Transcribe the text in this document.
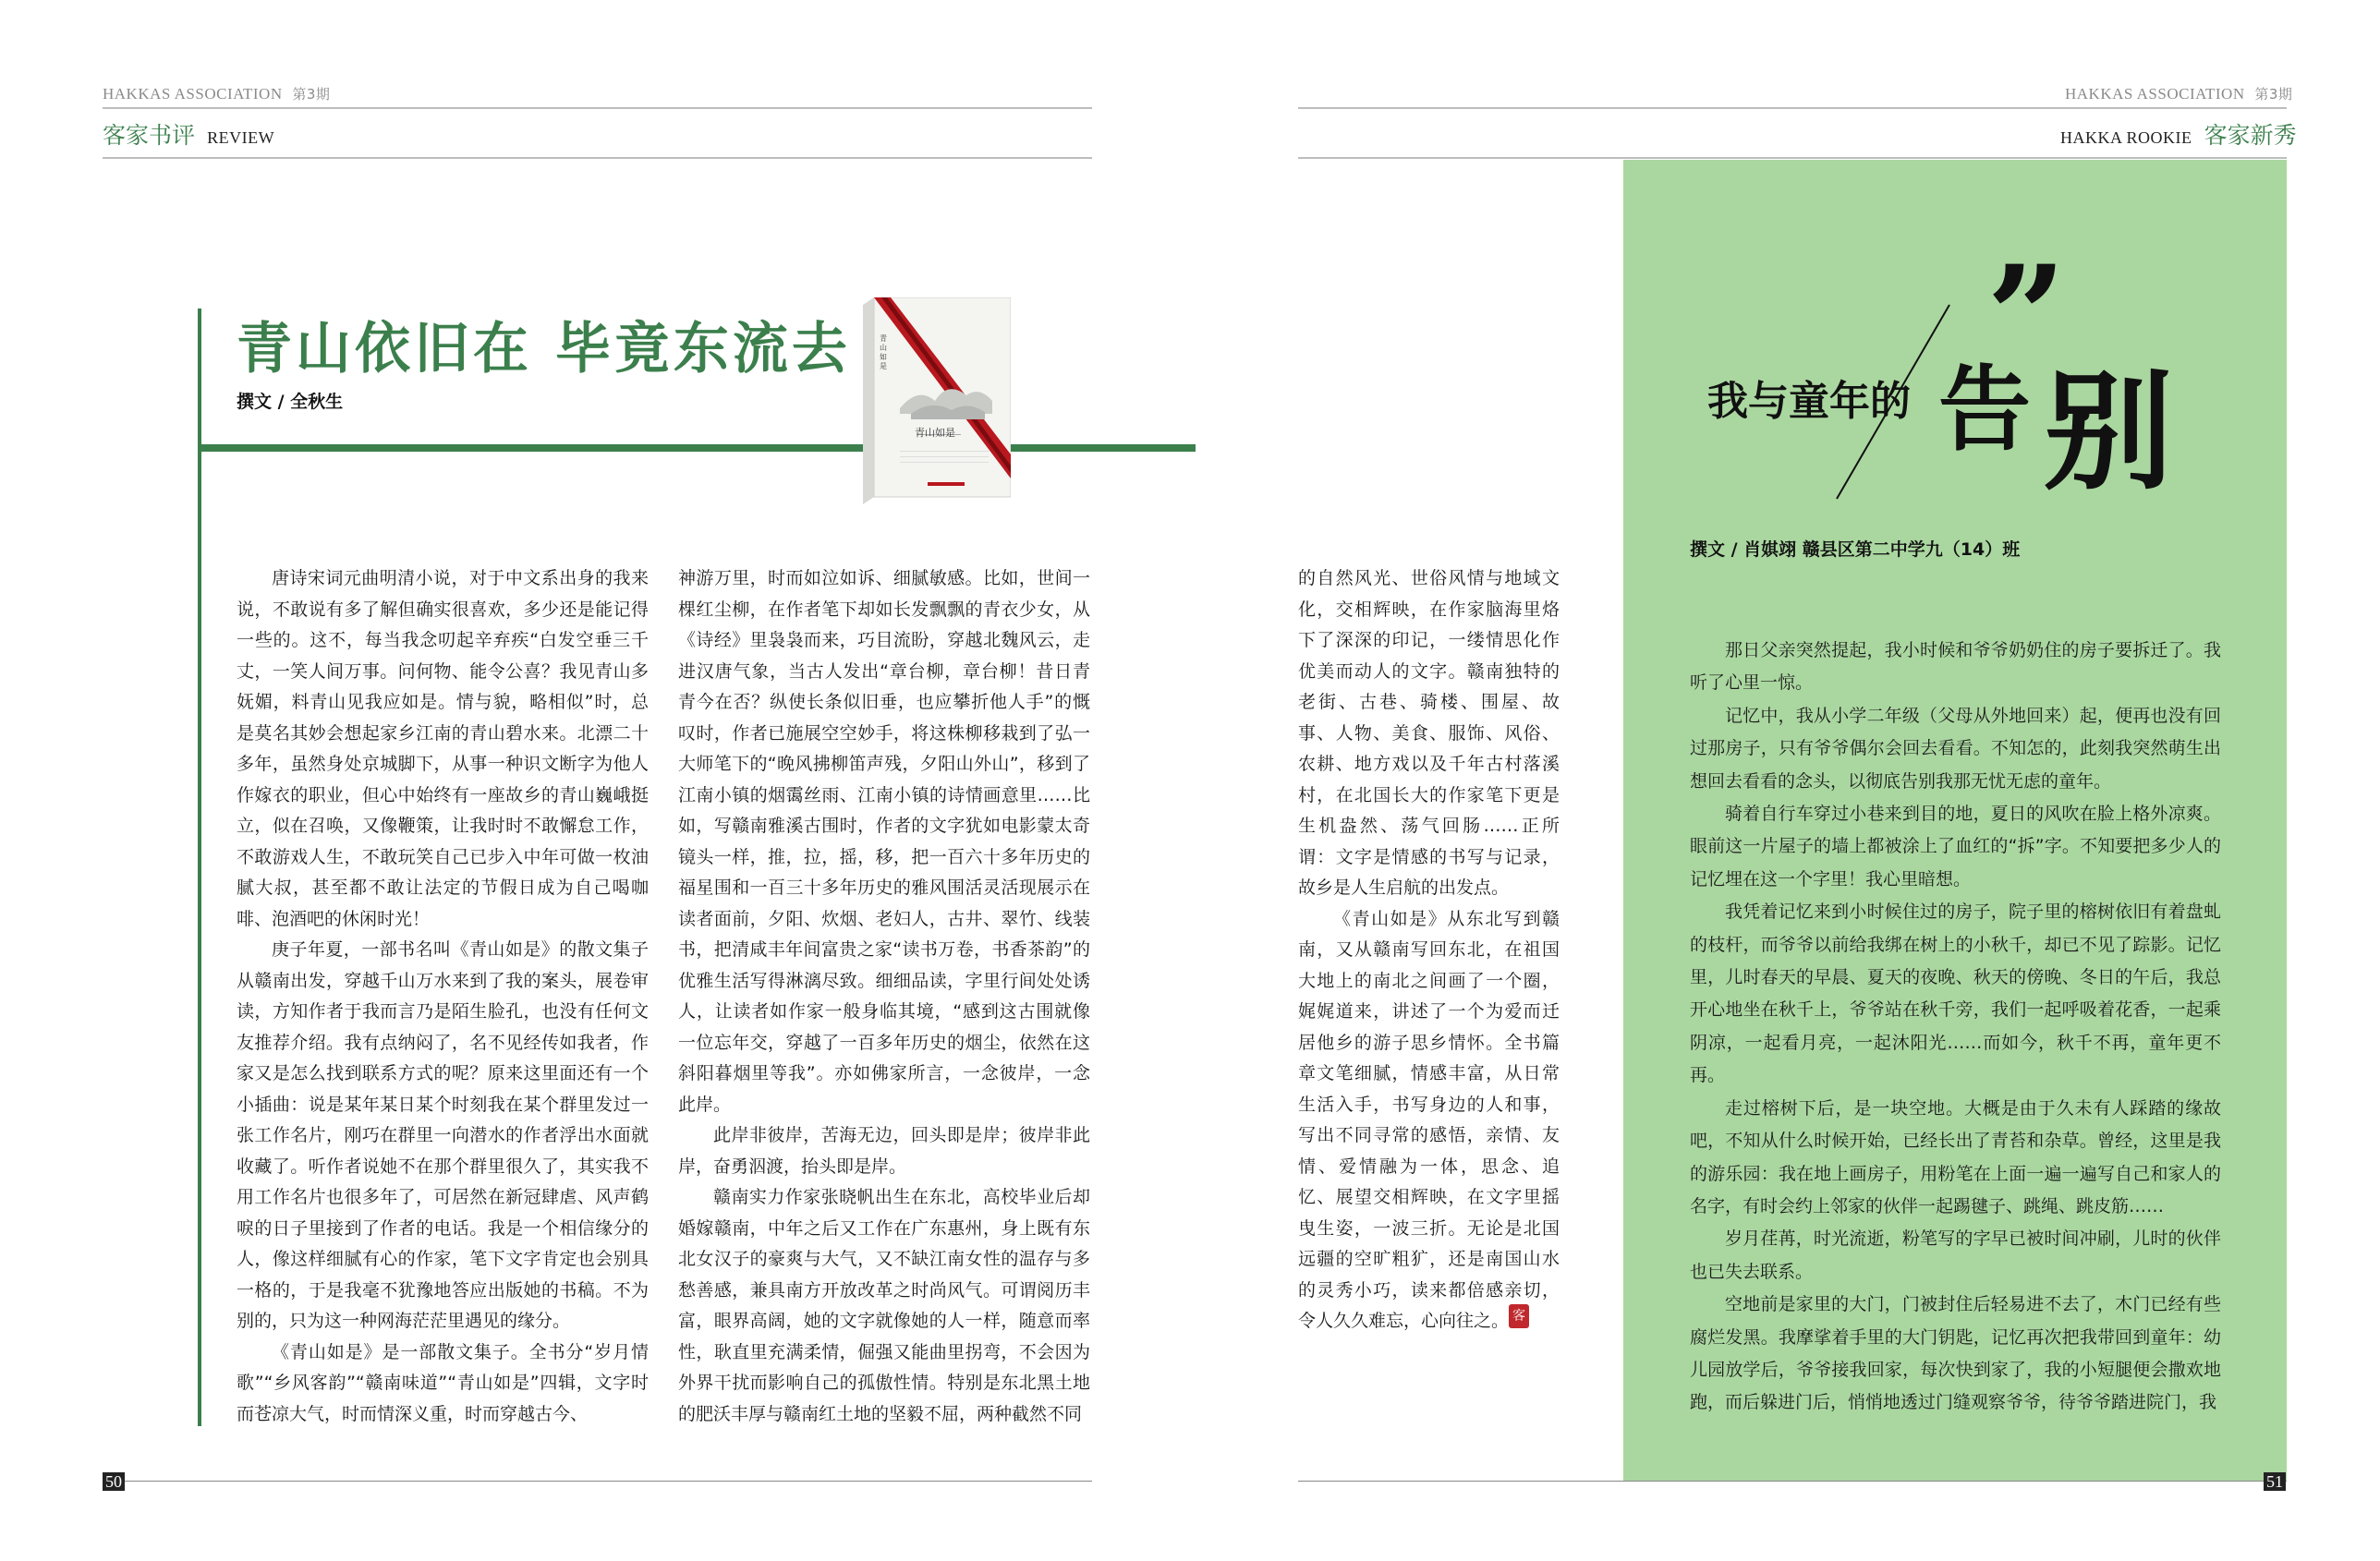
HAKKAS ASSOCIATION 第3期
客家书评 REVIEW
青山依旧在 毕竟东流去
撰文 / 全秋生
青山如是
青山如是

唐诗宋词元曲明清小说，对于中文系出身的我来说，不敢说有多了解但确实很喜欢，多少还是能记得一些的。这不，每当我念叨起辛弃疾“白发空垂三千丈，一笑人间万事。问何物、能令公喜？我见青山多妩媚，料青山见我应如是。情与貌，略相似”时，总是莫名其妙会想起家乡江南的青山碧水来。北漂二十多年，虽然身处京城脚下，从事一种识文断字为他人作嫁衣的职业，但心中始终有一座故乡的青山巍峨挺立，似在召唤，又像鞭策，让我时时不敢懈怠工作，不敢游戏人生，不敢玩笑自己已步入中年可做一枚油腻大叔，甚至都不敢让法定的节假日成为自己喝咖啡、泡酒吧的休闲时光！

庚子年夏，一部书名叫《青山如是》的散文集子从赣南出发，穿越千山万水来到了我的案头，展卷审读，方知作者于我而言乃是陌生脸孔，也没有任何文友推荐介绍。我有点纳闷了，名不见经传如我者，作家又是怎么找到联系方式的呢？原来这里面还有一个小插曲：说是某年某日某个时刻我在某个群里发过一张工作名片，刚巧在群里一向潜水的作者浮出水面就收藏了。听作者说她不在那个群里很久了，其实我不用工作名片也很多年了，可居然在新冠肆虐、风声鹤唳的日子里接到了作者的电话。我是一个相信缘分的人，像这样细腻有心的作家，笔下文字肯定也会别具一格的，于是我毫不犹豫地答应出版她的书稿。不为别的，只为这一种网海茫茫里遇见的缘分。

《青山如是》是一部散文集子。全书分“岁月情歌”“乡风客韵”“赣南味道”“青山如是”四辑，文字时而苍凉大气，时而情深义重，时而穿越古今、

神游万里，时而如泣如诉、细腻敏感。比如，世间一棵红尘柳，在作者笔下却如长发飘飘的青衣少女，从《诗经》里袅袅而来，巧目流盼，穿越北魏风云，走进汉唐气象，当古人发出“章台柳，章台柳！昔日青青今在否？纵使长条似旧垂，也应攀折他人手”的慨叹时，作者已施展空空妙手，将这株柳移栽到了弘一大师笔下的“晚风拂柳笛声残，夕阳山外山”，移到了江南小镇的烟霭丝雨、江南小镇的诗情画意里……比如，写赣南雅溪古围时，作者的文字犹如电影蒙太奇镜头一样，推，拉，摇，移，把一百六十多年历史的福星围和一百三十多年历史的雅风围活灵活现展示在读者面前，夕阳、炊烟、老妇人，古井、翠竹、线装书，把清咸丰年间富贵之家“读书万卷，书香茶韵”的优雅生活写得淋漓尽致。细细品读，字里行间处处诱人，让读者如作家一般身临其境，“感到这古围就像一位忘年交，穿越了一百多年历史的烟尘，依然在这斜阳暮烟里等我”。亦如佛家所言，一念彼岸，一念此岸。

此岸非彼岸，苦海无边，回头即是岸；彼岸非此岸，奋勇泅渡，抬头即是岸。

赣南实力作家张晓帆出生在东北，高校毕业后却婚嫁赣南，中年之后又工作在广东惠州，身上既有东北女汉子的豪爽与大气，又不缺江南女性的温存与多愁善感，兼具南方开放改革之时尚风气。可谓阅历丰富，眼界高阔，她的文字就像她的人一样，随意而率性，耿直里充满柔情，倔强又能曲里拐弯，不会因为外界干扰而影响自己的孤傲性情。特别是东北黑土地的肥沃丰厚与赣南红土地的坚毅不屈，两种截然不同

50
HAKKAS ASSOCIATION 第3期
HAKKA ROOKIE 客家新秀

的自然风光、世俗风情与地域文化，交相辉映，在作家脑海里烙下了深深的印记，一缕情思化作优美而动人的文字。赣南独特的老街、古巷、骑楼、围屋、故事、人物、美食、服饰、风俗、农耕、地方戏以及千年古村落溪村，在北国长大的作家笔下更是生机盎然、荡气回肠……正所谓：文字是情感的书写与记录，故乡是人生启航的出发点。

《青山如是》从东北写到赣南，又从赣南写回东北，在祖国大地上的南北之间画了一个圈，娓娓道来，讲述了一个为爱而迁居他乡的游子思乡情怀。全书篇章文笔细腻，情感丰富，从日常生活入手，书写身边的人和事，写出不同寻常的感悟，亲情、友情、爱情融为一体，思念、追忆、展望交相辉映，在文字里摇曳生姿，一波三折。无论是北国远疆的空旷粗犷，还是南国山水的灵秀小巧，读来都倍感亲切，令人久久难忘，心向往之。 客
我与童年的
”
告 别
撰文 / 肖娸翊 赣县区第二中学九（14）班

那日父亲突然提起，我小时候和爷爷奶奶住的房子要拆迁了。我听了心里一惊。

记忆中，我从小学二年级（父母从外地回来）起，便再也没有回过那房子，只有爷爷偶尔会回去看看。不知怎的，此刻我突然萌生出想回去看看的念头，以彻底告别我那无忧无虑的童年。

骑着自行车穿过小巷来到目的地，夏日的风吹在脸上格外凉爽。眼前这一片屋子的墙上都被涂上了血红的“拆”字。不知要把多少人的记忆埋在这一个字里！我心里暗想。

我凭着记忆来到小时候住过的房子，院子里的榕树依旧有着盘虬的枝杆，而爷爷以前给我绑在树上的小秋千，却已不见了踪影。记忆里，儿时春天的早晨、夏天的夜晚、秋天的傍晚、冬日的午后，我总开心地坐在秋千上，爷爷站在秋千旁，我们一起呼吸着花香，一起乘阴凉，一起看月亮，一起沐阳光……而如今，秋千不再，童年更不再。

走过榕树下后，是一块空地。大概是由于久未有人踩踏的缘故吧，不知从什么时候开始，已经长出了青苔和杂草。曾经，这里是我的游乐园：我在地上画房子，用粉笔在上面一遍一遍写自己和家人的名字，有时会约上邻家的伙伴一起踢毽子、跳绳、跳皮筋……

岁月荏苒，时光流逝，粉笔写的字早已被时间冲刷，儿时的伙伴也已失去联系。

空地前是家里的大门，门被封住后轻易进不去了，木门已经有些腐烂发黑。我摩挲着手里的大门钥匙，记忆再次把我带回到童年：幼儿园放学后，爷爷接我回家，每次快到家了，我的小短腿便会撒欢地跑，而后躲进门后，悄悄地透过门缝观察爷爷，待爷爷踏进院门，我

51
